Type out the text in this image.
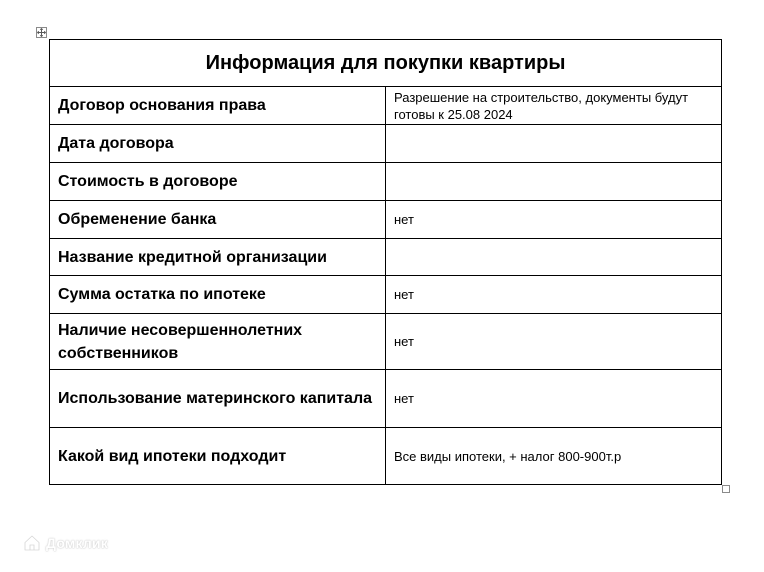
Информация для покупки квартиры	
Договор основания права	Разрешение на строительство, документы будут готовы к 25.08 2024
Дата договора	
Стоимость в договоре	
Обременение банка	нет
Название кредитной организации	
Сумма остатка по ипотеке	нет
Наличие несовершеннолетних собственников	нет
Использование материнского капитала	нет
Какой вид ипотеки подходит	Все виды ипотеки, + налог 800-900т.р
Домклик
